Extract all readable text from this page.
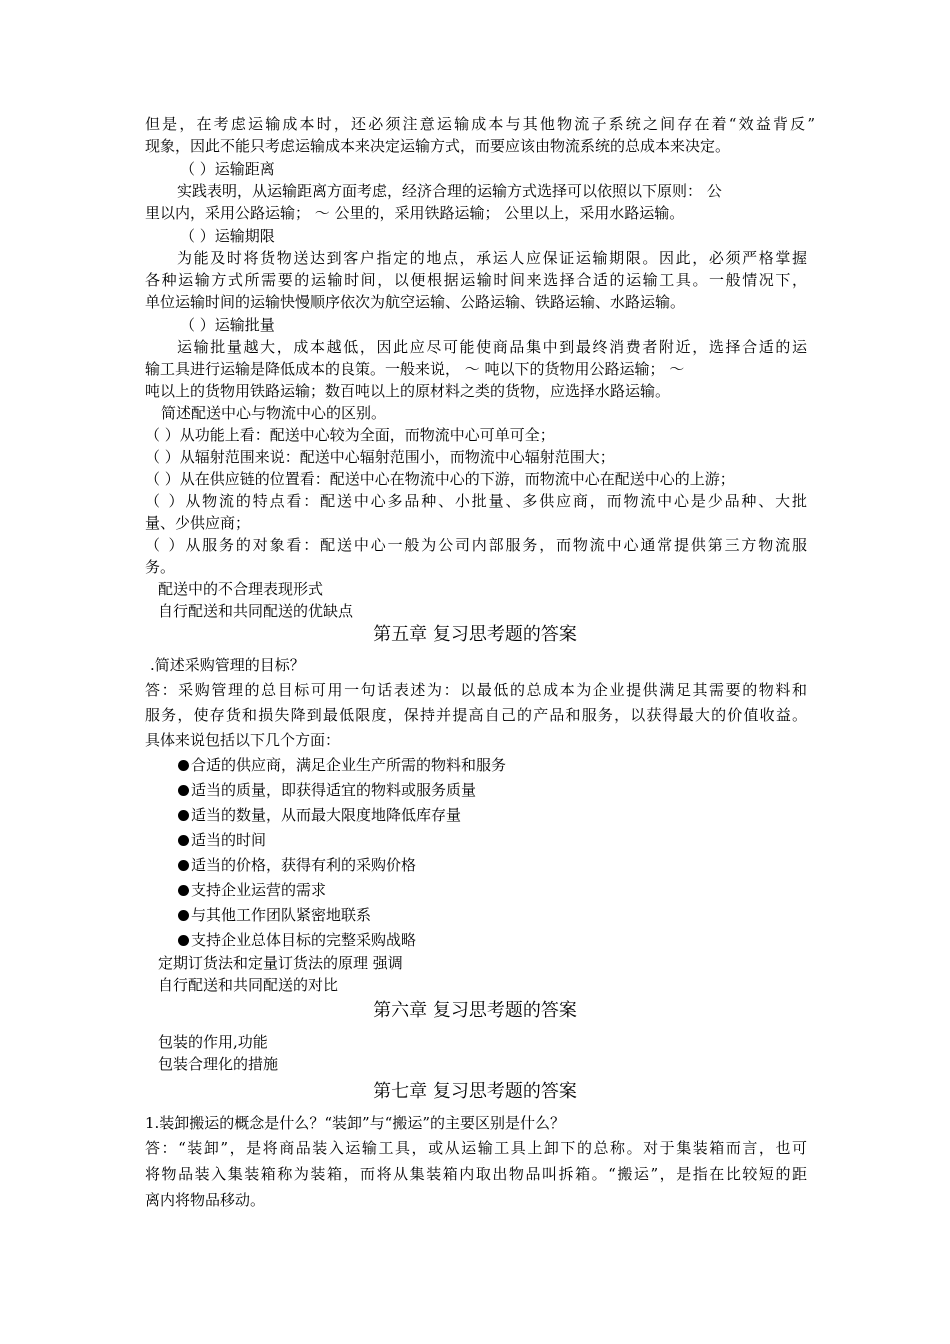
但是，在考虑运输成本时，还必须注意运输成本与其他物流子系统之间存在着“效益背反”
现象，因此不能只考虑运输成本来决定运输方式，而要应该由物流系统的总成本来决定。
（ ）运输距离
实践表明，从运输距离方面考虑，经济合理的运输方式选择可以依照以下原则： 公
里以内，采用公路运输； ～ 公里的，采用铁路运输； 公里以上，采用水路运输。
（ ）运输期限
为能及时将货物送达到客户指定的地点，承运人应保证运输期限。因此，必须严格掌握
各种运输方式所需要的运输时间，以便根据运输时间来选择合适的运输工具。一般情况下，
单位运输时间的运输快慢顺序依次为航空运输、公路运输、铁路运输、水路运输。
（ ）运输批量
运输批量越大，成本越低，因此应尽可能使商品集中到最终消费者附近，选择合适的运
输工具进行运输是降低成本的良策。一般来说， ～ 吨以下的货物用公路运输； ～
吨以上的货物用铁路运输；数百吨以上的原材料之类的货物，应选择水路运输。
简述配送中心与物流中心的区别。
（ ）从功能上看：配送中心较为全面，而物流中心可单可全；
（ ）从辐射范围来说：配送中心辐射范围小，而物流中心辐射范围大；
（ ）从在供应链的位置看：配送中心在物流中心的下游，而物流中心在配送中心的上游；
（ ）从物流的特点看：配送中心多品种、小批量、多供应商，而物流中心是少品种、大批
量、少供应商；
（ ）从服务的对象看：配送中心一般为公司内部服务，而物流中心通常提供第三方物流服
务。
配送中的不合理表现形式
自行配送和共同配送的优缺点
第五章 复习思考题的答案
.简述采购管理的目标？
答：采购管理的总目标可用一句话表述为：以最低的总成本为企业提供满足其需要的物料和
服务，使存货和损失降到最低限度，保持并提高自己的产品和服务，以获得最大的价值收益。
具体来说包括以下几个方面：
合适的供应商，满足企业生产所需的物料和服务
适当的质量，即获得适宜的物料或服务质量
适当的数量，从而最大限度地降低库存量
适当的时间
适当的价格，获得有利的采购价格
支持企业运营的需求
与其他工作团队紧密地联系
支持企业总体目标的完整采购战略
定期订货法和定量订货法的原理 强调
自行配送和共同配送的对比
第六章 复习思考题的答案
包装的作用,功能
包装合理化的措施
第七章 复习思考题的答案
1.装卸搬运的概念是什么？“装卸”与“搬运”的主要区别是什么？
答：“装卸”，是将商品装入运输工具，或从运输工具上卸下的总称。对于集装箱而言，也可
将物品装入集装箱称为装箱，而将从集装箱内取出物品叫拆箱。“搬运”，是指在比较短的距
离内将物品移动。
